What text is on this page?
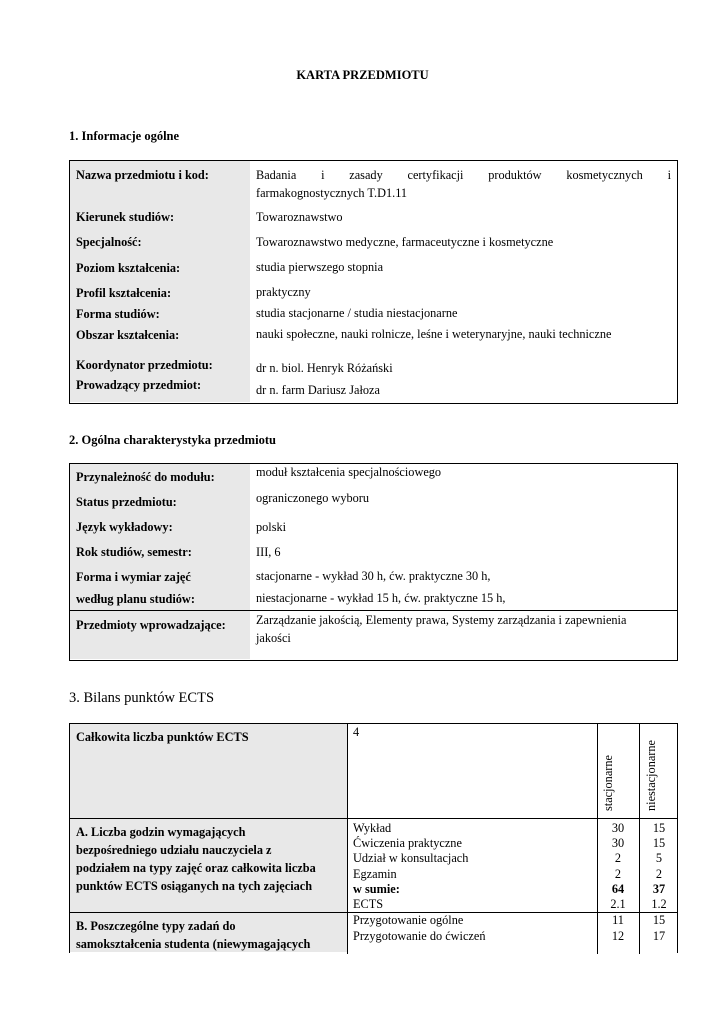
KARTA PRZEDMIOTU
1. Informacje ogólne
Nazwa przedmiotu i kod:	Badania i zasady certyfikacji produktów kosmetycznych i
farmakognostycznych T.D1.11
Kierunek studiów:	Towaroznawstwo
Specjalność:	Towaroznawstwo medyczne, farmaceutyczne i kosmetyczne
Poziom kształcenia:	studia pierwszego stopnia
Profil kształcenia:	praktyczny
Forma studiów:	studia stacjonarne / studia niestacjonarne
Obszar kształcenia:	nauki społeczne, nauki rolnicze, leśne i weterynaryjne, nauki techniczne
Koordynator przedmiotu:	dr n. biol. Henryk Różański
Prowadzący przedmiot:	dr n. farm Dariusz Jałoza
2. Ogólna charakterystyka przedmiotu
Przynależność do modułu:	moduł kształcenia specjalnościowego
Status przedmiotu:	ograniczonego wyboru
Język wykładowy:	polski
Rok studiów, semestr:	III, 6
Forma i wymiar zajęć	stacjonarne - wykład 30 h, ćw. praktyczne 30 h,
według planu studiów:	niestacjonarne - wykład 15 h, ćw. praktyczne 15 h,
Przedmioty wprowadzające: Zarządzanie jakością, Elementy prawa, Systemy zarządzania i zapewnienia
jakości
3. Bilans punktów ECTS
Całkowita liczba punktów ECTS	4
stacjonarne niestacjonarne
A. Liczba godzin wymagających
bezpośredniego udziału nauczyciela z
podziałem na typy zajęć oraz całkowita liczba
punktów ECTS osiąganych na tych zajęciach
Wykład	30	15
Ćwiczenia praktyczne	30	15
Udział w konsultacjach	2	5
Egzamin	2	2
w sumie:	64	37
ECTS	2.1	1.2
B. Poszczególne typy zadań do
samokształcenia studenta (niewymagających
Przygotowanie ogólne	11	15
Przygotowanie do ćwiczeń	12	17
